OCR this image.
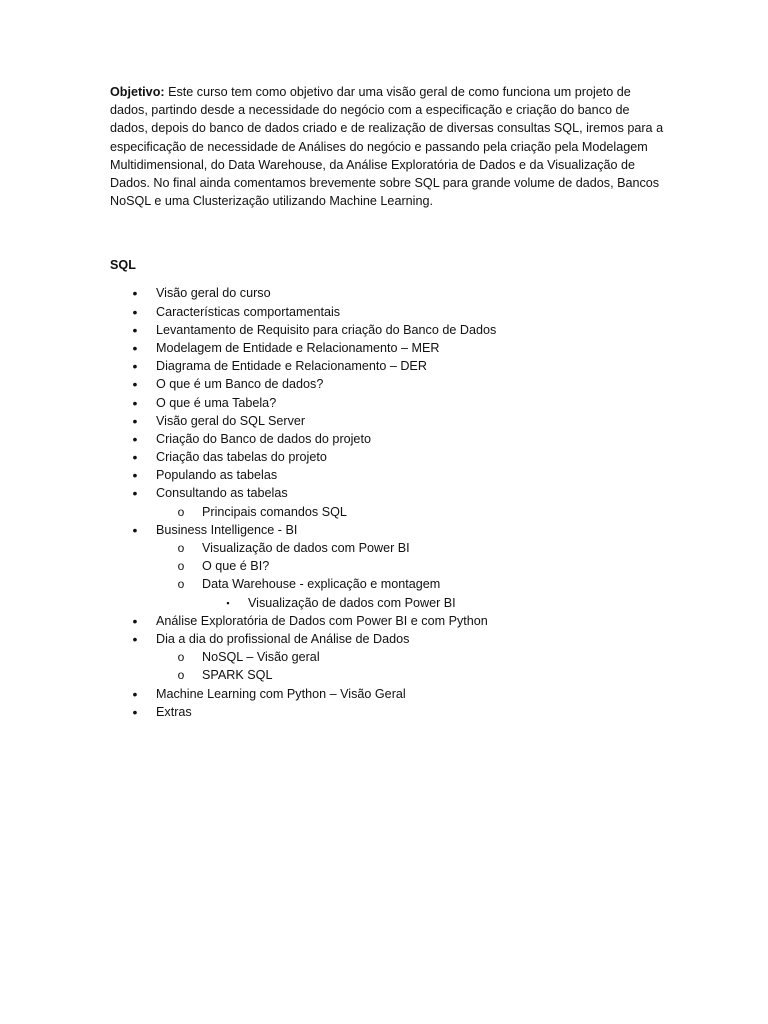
Objetivo: Este curso tem como objetivo dar uma visão geral de como funciona um projeto de dados, partindo desde a necessidade do negócio com a especificação e criação do banco de dados, depois do banco de dados criado e de realização de diversas consultas SQL, iremos para a especificação de necessidade de Análises do negócio e passando pela criação pela Modelagem Multidimensional, do Data Warehouse, da Análise Exploratória de Dados e da Visualização de Dados. No final ainda comentamos brevemente sobre SQL para grande volume de dados, Bancos NoSQL e uma Clusterização utilizando Machine Learning.

SQL
•	Visão geral do curso
•	Características comportamentais
•	Levantamento de Requisito para criação do Banco de Dados
•	Modelagem de Entidade e Relacionamento – MER
•	Diagrama de Entidade e Relacionamento – DER
•	O que é um Banco de dados?
•	O que é uma Tabela?
•	Visão geral do SQL Server
•	Criação do Banco de dados do projeto
•	Criação das tabelas do projeto
•	Populando as tabelas
•	Consultando as tabelas
o Principais comandos SQL
•	Business Intelligence - BI
o Visualização de dados com Power BI
o O que é BI?
o Data Warehouse - explicação e montagem
▪	Visualização de dados com Power BI
•	Análise Exploratória de Dados com Power BI e com Python
•	Dia a dia do profissional de Análise de Dados
o NoSQL – Visão geral
o SPARK SQL
•	Machine Learning com Python – Visão Geral
•	Extras
